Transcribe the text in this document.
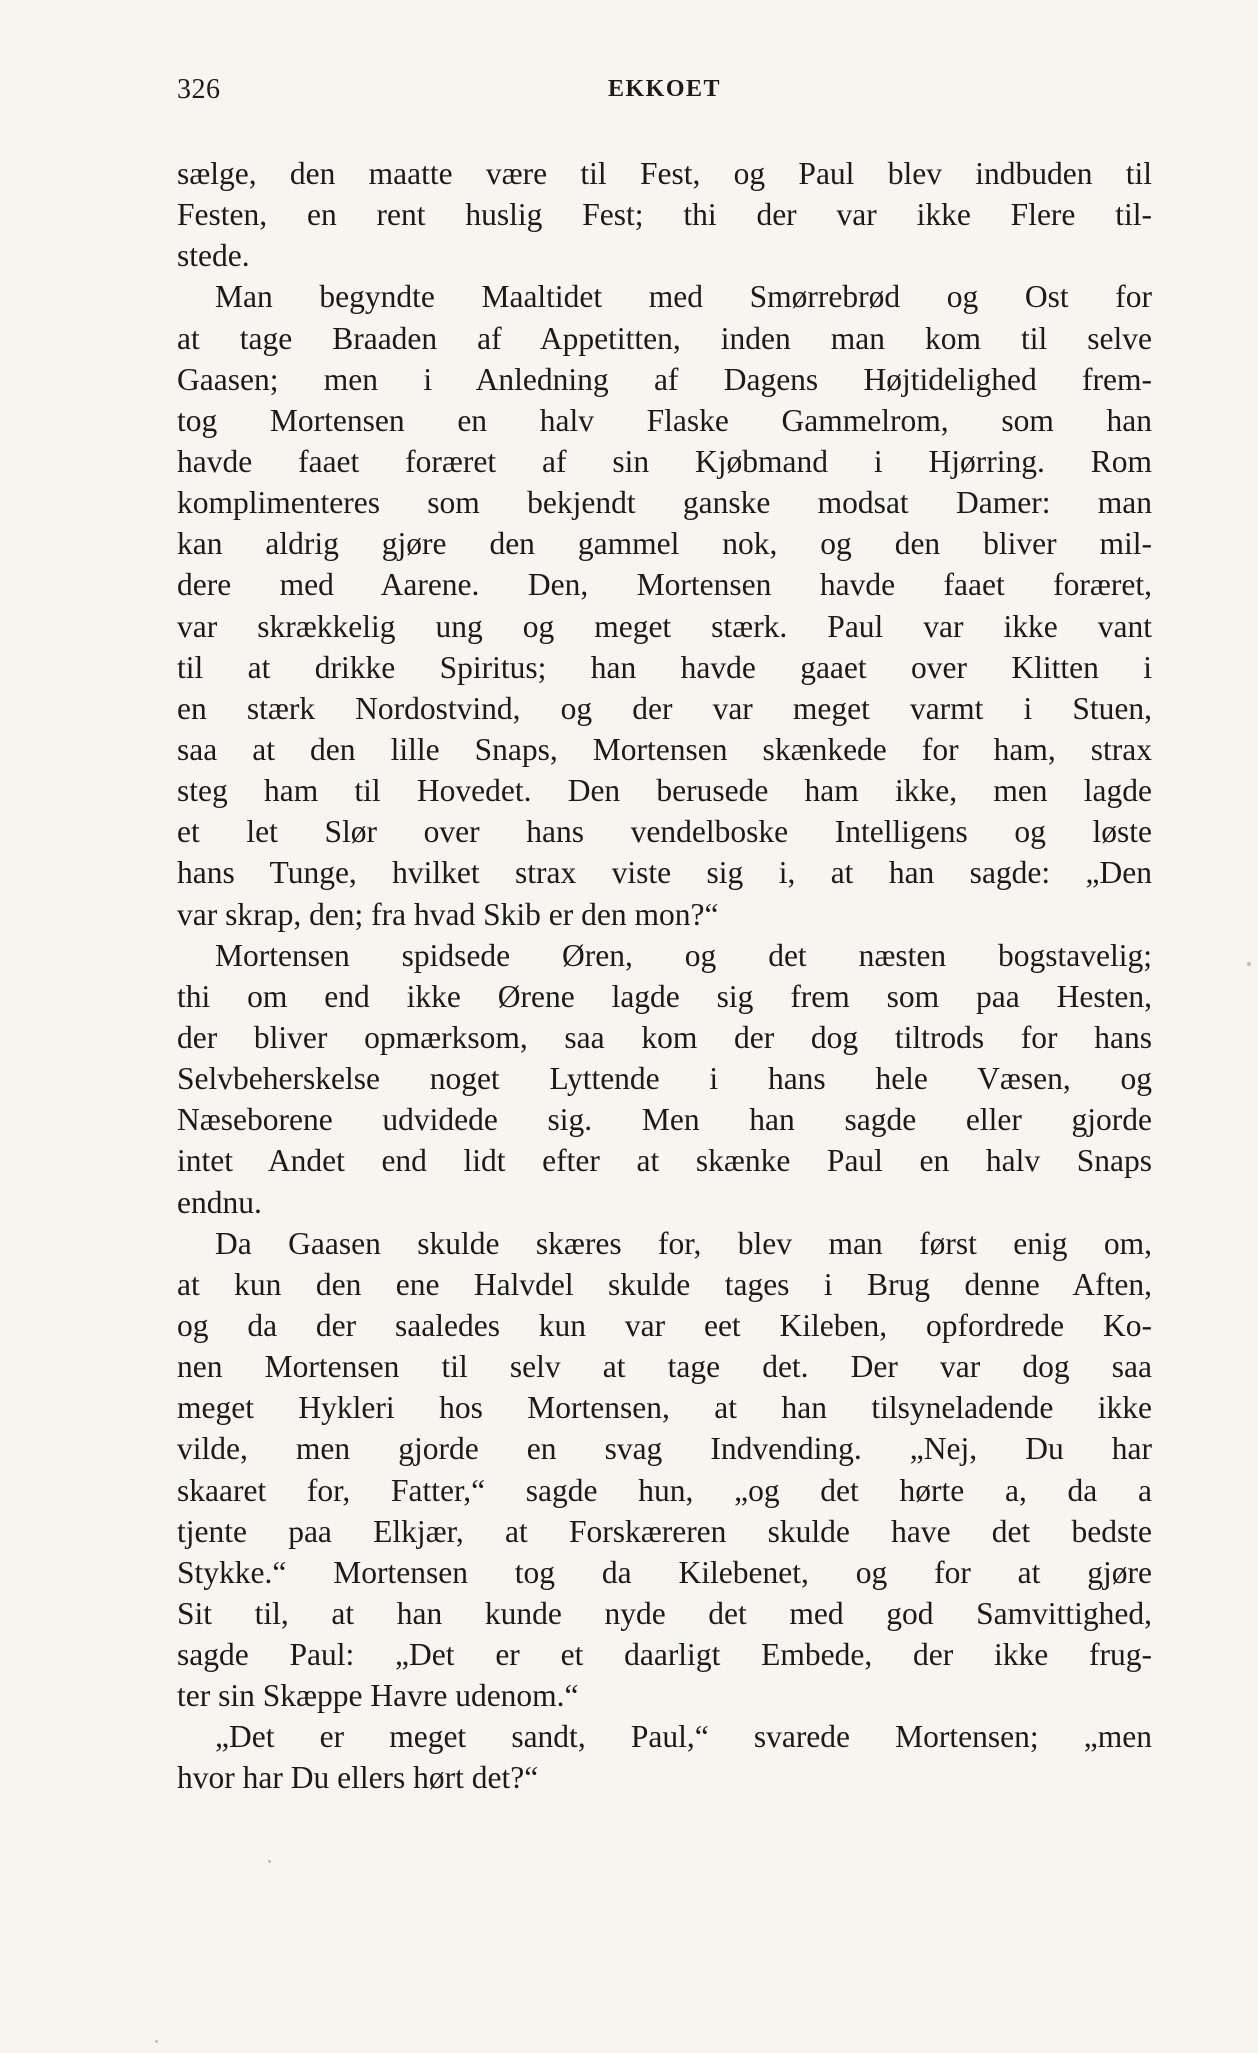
326	EKKOET
sælge, den maatte være til Fest, og Paul blev indbuden til
Festen, en rent huslig Fest; thi der var ikke Flere til-
stede.
Man begyndte Maaltidet med Smørrebrød og Ost for
at tage Braaden af Appetitten, inden man kom til selve
Gaasen; men i Anledning af Dagens Højtidelighed frem-
tog Mortensen en halv Flaske Gammelrom, som han
havde faaet foræret af sin Kjøbmand i Hjørring. Rom
komplimenteres som bekjendt ganske modsat Damer: man
kan aldrig gjøre den gammel nok, og den bliver mil-
dere med Aarene. Den, Mortensen havde faaet foræret,
var skrækkelig ung og meget stærk. Paul var ikke vant
til at drikke Spiritus; han havde gaaet over Klitten i
en stærk Nordostvind, og der var meget varmt i Stuen,
saa at den lille Snaps, Mortensen skænkede for ham, strax
steg ham til Hovedet. Den berusede ham ikke, men lagde
et let Slør over hans vendelboske Intelligens og løste
hans Tunge, hvilket strax viste sig i, at han sagde: „Den
var skrap, den; fra hvad Skib er den mon?“
Mortensen spidsede Øren, og det næsten bogstavelig;
thi om end ikke Ørene lagde sig frem som paa Hesten,
der bliver opmærksom, saa kom der dog tiltrods for hans
Selvbeherskelse noget Lyttende i hans hele Væsen, og
Næseborene udvidede sig. Men han sagde eller gjorde
intet Andet end lidt efter at skænke Paul en halv Snaps
endnu.
Da Gaasen skulde skæres for, blev man først enig om,
at kun den ene Halvdel skulde tages i Brug denne Aften,
og da der saaledes kun var eet Kileben, opfordrede Ko-
nen Mortensen til selv at tage det. Der var dog saa
meget Hykleri hos Mortensen, at han tilsyneladende ikke
vilde, men gjorde en svag Indvending. „Nej, Du har
skaaret for, Fatter,“ sagde hun, „og det hørte a, da a
tjente paa Elkjær, at Forskæreren skulde have det bedste
Stykke.“ Mortensen tog da Kilebenet, og for at gjøre
Sit til, at han kunde nyde det med god Samvittighed,
sagde Paul: „Det er et daarligt Embede, der ikke frug-
ter sin Skæppe Havre udenom.“
„Det er meget sandt, Paul,“ svarede Mortensen; „men
hvor har Du ellers hørt det?“
